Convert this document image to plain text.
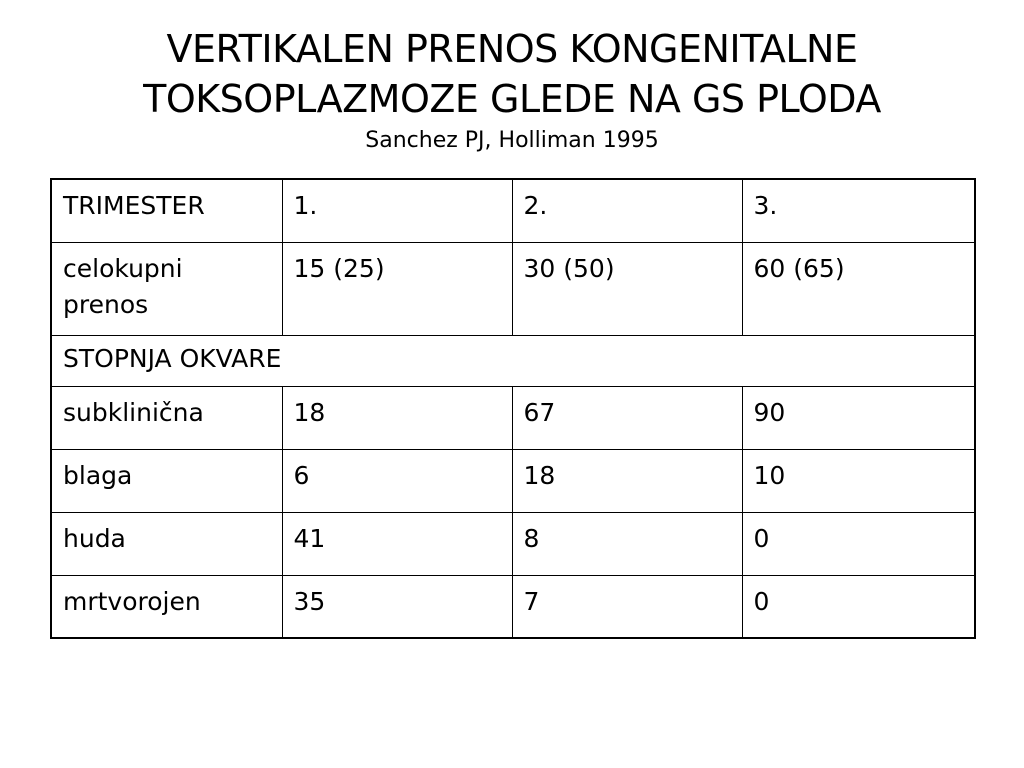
VERTIKALEN PRENOS KONGENITALNE
TOKSOPLAZMOZE GLEDE NA GS PLODA
Sanchez PJ, Holliman 1995
TRIMESTER	1.	2.	3.

celokupni
prenos	15 (25)	30 (50)	60 (65)
STOPNJA OKVARE			
subklinična	18	67	90
blaga	6	18	10
huda	41	8	0
mrtvorojen	35	7	0
